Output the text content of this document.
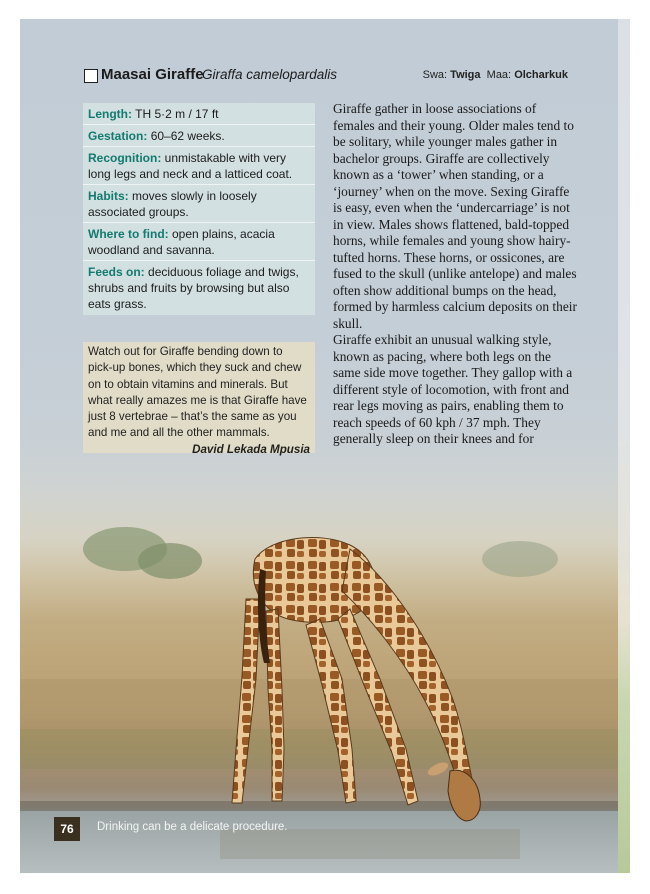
Maasai Giraffe
Giraffa camelopardalis	Swa: Twiga Maa: Olcharkuk
Length: TH 5·2 m / 17 ft
Gestation: 60–62 weeks.
Recognition: unmistakable with very long legs and neck and a latticed coat.
Habits: moves slowly in loosely associated groups.
Where to find: open plains, acacia woodland and savanna.
Feeds on: deciduous foliage and twigs, shrubs and fruits by browsing but also eats grass.
Watch out for Giraffe bending down to pick-up bones, which they suck and chew on to obtain vitamins and minerals. But what really amazes me is that Giraffe have just 8 vertebrae – that’s the same as you and me and all the other mammals.
David Lekada Mpusia

Giraffe gather in loose associations of females and their young. Older males tend to be solitary, while younger males gather in bachelor groups. Giraffe are collectively known as a ‘tower’ when standing, or a ‘journey’ when on the move. Sexing Giraffe is easy, even when the ‘undercarriage’ is not in view. Males shows flattened, bald-topped horns, while females and young show hairy-tufted horns. These horns, or ossicones, are fused to the skull (unlike antelope) and males often show additional bumps on the head, formed by harmless calcium deposits on their skull.

Giraffe exhibit an unusual walking style, known as pacing, where both legs on the same side move together. They gallop with a different style of locomotion, with front and rear legs moving as pairs, enabling them to reach speeds of 60 kph / 37 mph. They generally sleep on their knees and for

76	Drinking can be a delicate procedure.
